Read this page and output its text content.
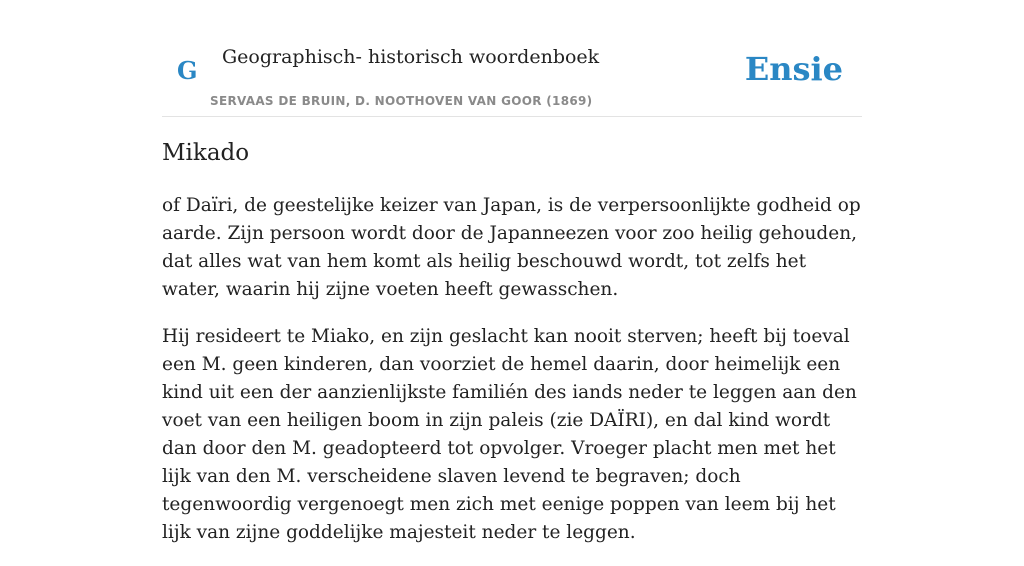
G Geographisch- historisch woordenboek
SERVAAS DE BRUIN, D. NOOTHOVEN VAN GOOR (1869)
Ensie
Mikado

of Daïri, de geestelijke keizer van Japan, is de verpersoonlijkte godheid op aarde. Zijn persoon wordt door de Japanneezen voor zoo heilig gehouden, dat alles wat van hem komt als heilig beschouwd wordt, tot zelfs het water, waarin hij zijne voeten heeft gewasschen.

Hij resideert te Miako, en zijn geslacht kan nooit sterven; heeft bij toeval een M. geen kinderen, dan voorziet de hemel daarin, door heimelijk een kind uit een der aanzienlijkste familién des iands neder te leggen aan den voet van een heiligen boom in zijn paleis (zie DAÏRI), en dal kind wordt dan door den M. geadopteerd tot opvolger. Vroeger placht men met het lijk van den M. verscheidene slaven levend te begraven; doch tegenwoordig vergenoegt men zich met eenige poppen van leem bij het lijk van zijne goddelijke majesteit neder te leggen.
